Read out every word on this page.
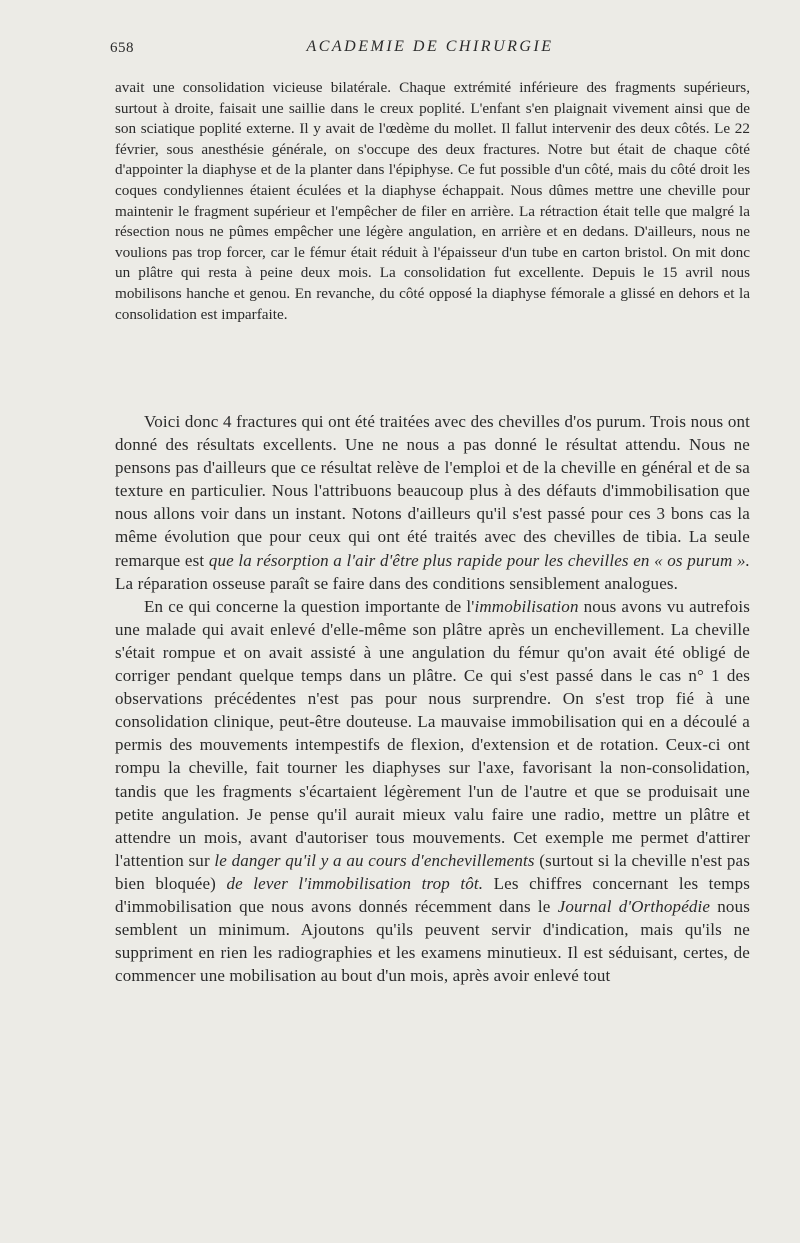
658	ACADEMIE DE CHIRURGIE

avait une consolidation vicieuse bilatérale. Chaque extrémité inférieure des fragments supérieurs, surtout à droite, faisait une saillie dans le creux poplité. L'enfant s'en plaignait vivement ainsi que de son sciatique poplité externe. Il y avait de l'œdème du mollet. Il fallut intervenir des deux côtés. Le 22 février, sous anesthésie générale, on s'occupe des deux fractures. Notre but était de chaque côté d'appointer la diaphyse et de la planter dans l'épiphyse. Ce fut possible d'un côté, mais du côté droit les coques condyliennes étaient éculées et la diaphyse échappait. Nous dûmes mettre une cheville pour maintenir le fragment supérieur et l'empêcher de filer en arrière. La rétraction était telle que malgré la résection nous ne pûmes empêcher une légère angulation, en arrière et en dedans. D'ailleurs, nous ne voulions pas trop forcer, car le fémur était réduit à l'épaisseur d'un tube en carton bristol. On mit donc un plâtre qui resta à peine deux mois. La consolidation fut excellente. Depuis le 15 avril nous mobilisons hanche et genou. En revanche, du côté opposé la diaphyse fémorale a glissé en dehors et la consolidation est imparfaite.

Voici donc 4 fractures qui ont été traitées avec des chevilles d'os purum. Trois nous ont donné des résultats excellents. Une ne nous a pas donné le résultat attendu. Nous ne pensons pas d'ailleurs que ce résultat relève de l'emploi et de la cheville en général et de sa texture en particulier. Nous l'attribuons beaucoup plus à des défauts d'immobilisation que nous allons voir dans un instant. Notons d'ailleurs qu'il s'est passé pour ces 3 bons cas la même évolution que pour ceux qui ont été traités avec des chevilles de tibia. La seule remarque est que la résorption a l'air d'être plus rapide pour les chevilles en « os purum ». La réparation osseuse paraît se faire dans des conditions sensiblement analogues.

En ce qui concerne la question importante de l'immobilisation nous avons vu autrefois une malade qui avait enlevé d'elle-même son plâtre après un enchevillement. La cheville s'était rompue et on avait assisté à une angulation du fémur qu'on avait été obligé de corriger pendant quelque temps dans un plâtre. Ce qui s'est passé dans le cas n° 1 des observations précédentes n'est pas pour nous surprendre. On s'est trop fié à une consolidation clinique, peut-être douteuse. La mauvaise immobilisation qui en a découlé a permis des mouvements intempestifs de flexion, d'extension et de rotation. Ceux-ci ont rompu la cheville, fait tourner les diaphyses sur l'axe, favorisant la non-consolidation, tandis que les fragments s'écartaient légèrement l'un de l'autre et que se produisait une petite angulation. Je pense qu'il aurait mieux valu faire une radio, mettre un plâtre et attendre un mois, avant d'autoriser tous mouvements. Cet exemple me permet d'attirer l'attention sur le danger qu'il y a au cours d'enchevillements (surtout si la cheville n'est pas bien bloquée) de lever l'immobilisation trop tôt. Les chiffres concernant les temps d'immobilisation que nous avons donnés récemment dans le Journal d'Orthopédie nous semblent un minimum. Ajoutons qu'ils peuvent servir d'indication, mais qu'ils ne suppriment en rien les radiographies et les examens minutieux. Il est séduisant, certes, de commencer une mobilisation au bout d'un mois, après avoir enlevé tout
